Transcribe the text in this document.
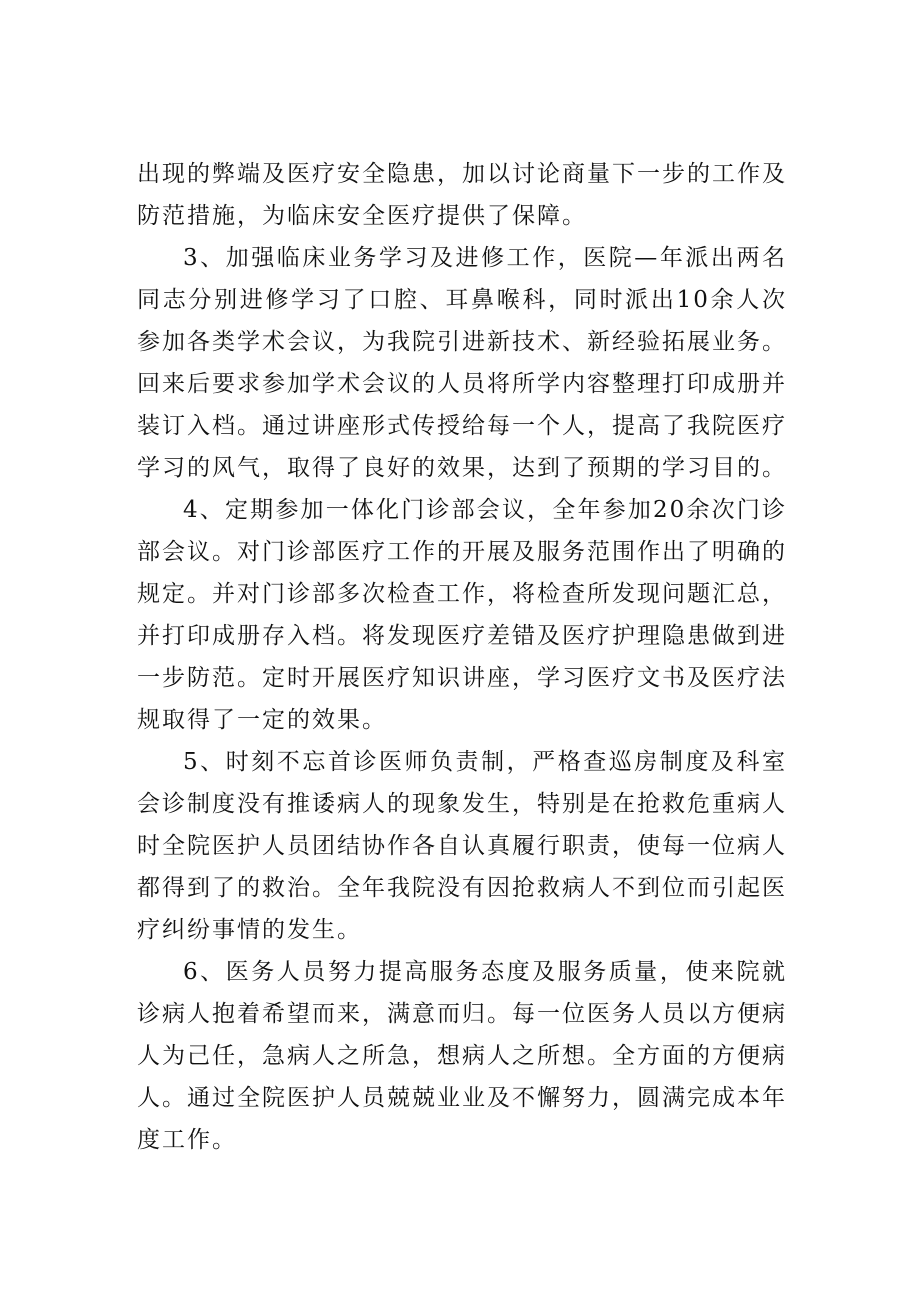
出现的弊端及医疗安全隐患，加以讨论商量下一步的工作及防范措施，为临床安全医疗提供了保障。

3、加强临床业务学习及进修工作，医院—年派出两名同志分别进修学习了口腔、耳鼻喉科，同时派出10余人次参加各类学术会议，为我院引进新技术、新经验拓展业务。回来后要求参加学术会议的人员将所学内容整理打印成册并装订入档。通过讲座形式传授给每一个人，提高了我院医疗学习的风气，取得了良好的效果，达到了预期的学习目的。

4、定期参加一体化门诊部会议，全年参加20余次门诊部会议。对门诊部医疗工作的开展及服务范围作出了明确的规定。并对门诊部多次检查工作，将检查所发现问题汇总，并打印成册存入档。将发现医疗差错及医疗护理隐患做到进一步防范。定时开展医疗知识讲座，学习医疗文书及医疗法规取得了一定的效果。

5、时刻不忘首诊医师负责制，严格查巡房制度及科室会诊制度没有推诿病人的现象发生，特别是在抢救危重病人时全院医护人员团结协作各自认真履行职责，使每一位病人都得到了的救治。全年我院没有因抢救病人不到位而引起医疗纠纷事情的发生。

6、医务人员努力提高服务态度及服务质量，使来院就诊病人抱着希望而来，满意而归。每一位医务人员以方便病人为己任，急病人之所急，想病人之所想。全方面的方便病人。通过全院医护人员兢兢业业及不懈努力，圆满完成本年度工作。
